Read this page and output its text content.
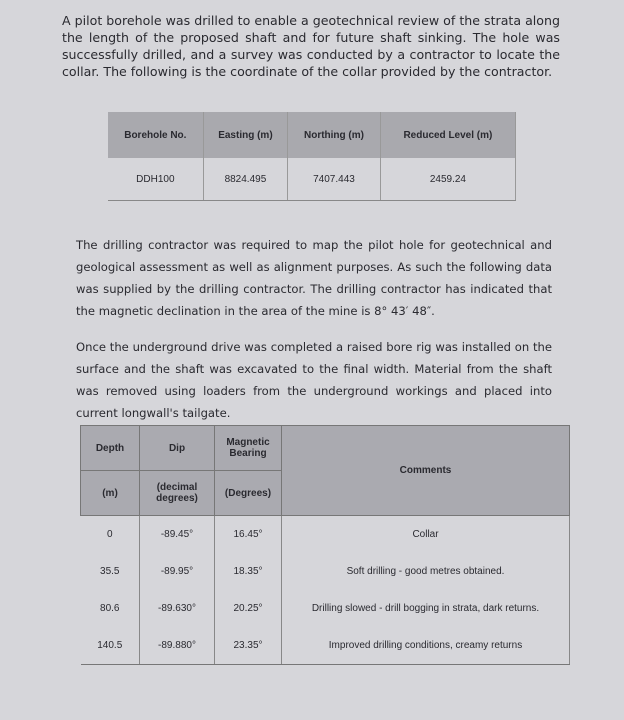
A pilot borehole was drilled to enable a geotechnical review of the strata along the length of the proposed shaft and for future shaft sinking. The hole was successfully drilled, and a survey was conducted by a contractor to locate the collar. The following is the coordinate of the collar provided by the contractor.
Borehole No.	Easting (m)	Northing (m)	Reduced Level (m)
DDH100	8824.495	7407.443	2459.24
The drilling contractor was required to map the pilot hole for geotechnical and geological assessment as well as alignment purposes. As such the following data was supplied by the drilling contractor. The drilling contractor has indicated that the magnetic declination in the area of the mine is 8° 43′ 48″.
Once the underground drive was completed a raised bore rig was installed on the surface and the shaft was excavated to the final width. Material from the shaft was removed using loaders from the underground workings and placed into current longwall's tailgate.
Depth	Dip	Magnetic Bearing	Comments
(m)	(decimal degrees)	(Degrees)	
0	-89.45°	16.45°	Collar
35.5	-89.95°	18.35°	Soft drilling - good metres obtained.
80.6	-89.630°	20.25°	Drilling slowed - drill bogging in strata, dark returns.
140.5	-89.880°	23.35°	Improved drilling conditions, creamy returns
